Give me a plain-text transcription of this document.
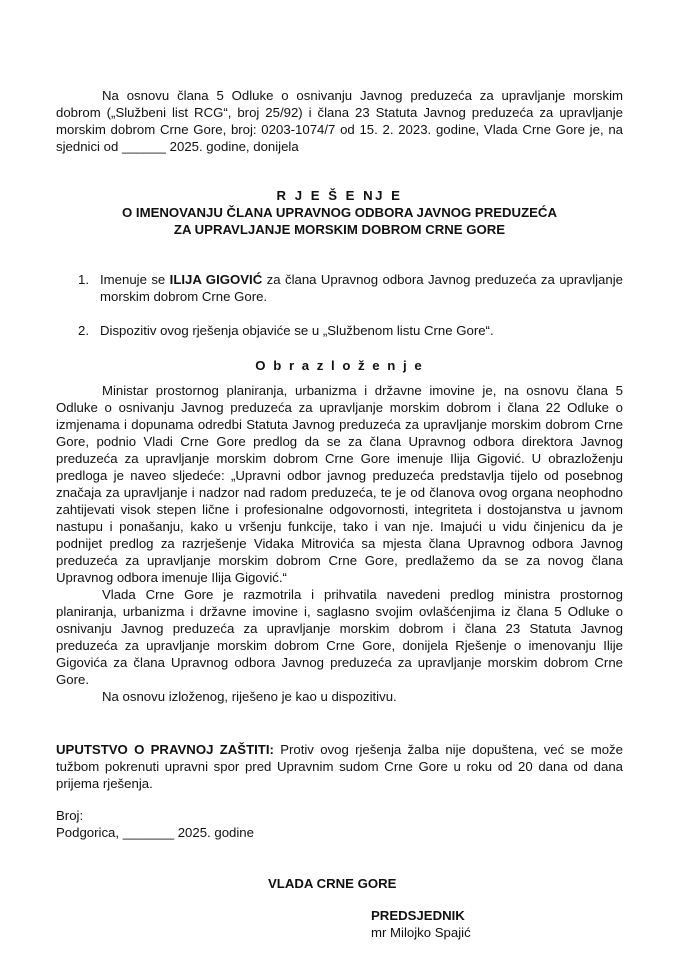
Na osnovu člana 5 Odluke o osnivanju Javnog preduzeća za upravljanje morskim dobrom („Službeni list RCG“, broj 25/92) i člana 23 Statuta Javnog preduzeća za upravljanje morskim dobrom Crne Gore, broj: 0203-1074/7 od 15. 2. 2023. godine, Vlada Crne Gore je, na sjednici od ______ 2025. godine, donijela

R J E Š E NJ E

O IMENOVANJU ČLANA UPRAVNOG ODBORA JAVNOG PREDUZEĆA

ZA UPRAVLJANJE MORSKIM DOBROM CRNE GORE

1. Imenuje se ILIJA GIGOVIĆ za člana Upravnog odbora Javnog preduzeća za upravljanje morskim dobrom Crne Gore.

2. Dispozitiv ovog rješenja objaviće se u „Službenom listu Crne Gore“.

O b r a z l o ž e n j e

Ministar prostornog planiranja, urbanizma i državne imovine je, na osnovu člana 5 Odluke o osnivanju Javnog preduzeća za upravljanje morskim dobrom i člana 22 Odluke o izmjenama i dopunama odredbi Statuta Javnog preduzeća za upravljanje morskim dobrom Crne Gore, podnio Vladi Crne Gore predlog da se za člana Upravnog odbora direktora Javnog preduzeća za upravljanje morskim dobrom Crne Gore imenuje Ilija Gigović. U obrazloženju predloga je naveo sljedeće: „Upravni odbor javnog preduzeća predstavlja tijelo od posebnog značaja za upravljanje i nadzor nad radom preduzeća, te je od članova ovog organa neophodno zahtijevati visok stepen lične i profesionalne odgovornosti, integriteta i dostojanstva u javnom nastupu i ponašanju, kako u vršenju funkcije, tako i van nje. Imajući u vidu činjenicu da je podnijet predlog za razrješenje Vidaka Mitrovića sa mjesta člana Upravnog odbora Javnog preduzeća za upravljanje morskim dobrom Crne Gore, predlažemo da se za novog člana Upravnog odbora imenuje Ilija Gigović.“

Vlada Crne Gore je razmotrila i prihvatila navedeni predlog ministra prostornog planiranja, urbanizma i državne imovine i, saglasno svojim ovlašćenjima iz člana 5 Odluke o osnivanju Javnog preduzeća za upravljanje morskim dobrom i člana 23 Statuta Javnog preduzeća za upravljanje morskim dobrom Crne Gore, donijela Rješenje o imenovanju Ilije Gigovića za člana Upravnog odbora Javnog preduzeća za upravljanje morskim dobrom Crne Gore.

Na osnovu izloženog, riješeno je kao u dispozitivu.

UPUTSTVO O PRAVNOJ ZAŠTITI: Protiv ovog rješenja žalba nije dopuštena, već se može tužbom pokrenuti upravni spor pred Upravnim sudom Crne Gore u roku od 20 dana od dana prijema rješenja.

Broj:

Podgorica, _______ 2025. godine

VLADA CRNE GORE

PREDSJEDNIK

mr Milojko Spajić
